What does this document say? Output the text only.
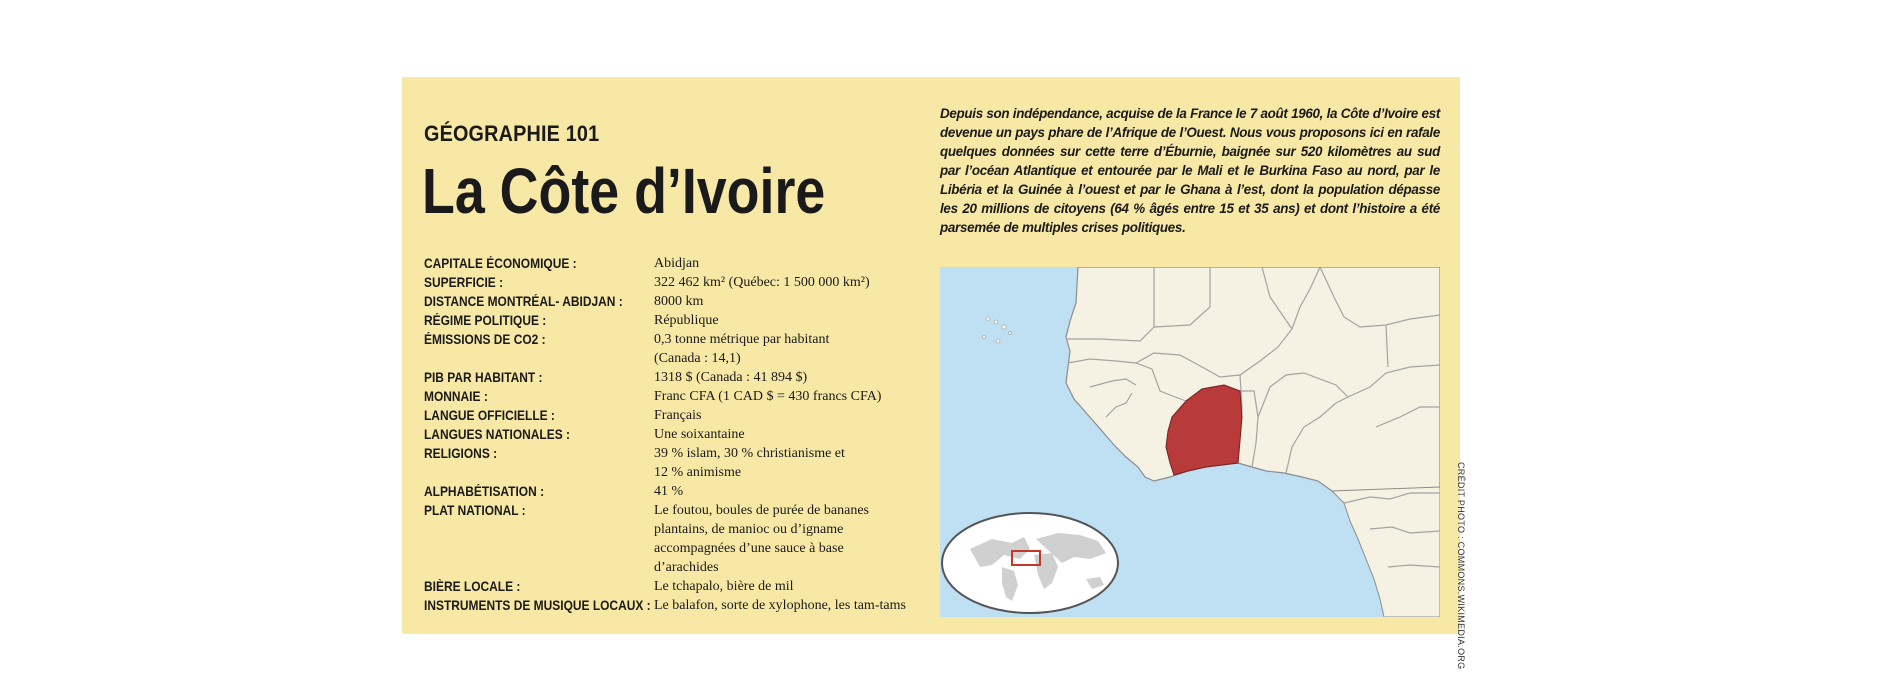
GÉOGRAPHIE 101
La Côte d’Ivoire
CAPITALE ÉCONOMIQUE :	Abidjan
SUPERFICIE :	322 462 km² (Québec: 1 500 000 km²)
DISTANCE MONTRÉAL- ABIDJAN : 8000 km
RÉGIME POLITIQUE :	République
ÉMISSIONS DE CO2 :	0,3 tonne métrique par habitant
(Canada : 14,1)
PIB PAR HABITANT :	1318 $ (Canada : 41 894 $)
MONNAIE :	Franc CFA (1 CAD $ = 430 francs CFA)
LANGUE OFFICIELLE :	Français
LANGUES NATIONALES :	Une soixantaine
RELIGIONS :	39 % islam, 30 % christianisme et
12 % animisme
ALPHABÉTISATION :	41 %
PLAT NATIONAL :	Le foutou, boules de purée de bananes
plantains, de manioc ou d’igname
accompagnées d’une sauce à base
d’arachides
BIÈRE LOCALE :	Le tchapalo, bière de mil
INSTRUMENTS DE MUSIQUE LOCAUX : Le balafon, sorte de xylophone, les tam-tams
Depuis son indépendance, acquise de la France le 7 août 1960, la Côte d’Ivoire est devenue un pays phare de l’Afrique de l’Ouest. Nous vous proposons ici en rafale quelques données sur cette terre d’Éburnie, baignée sur 520 kilomètres au sud par l’océan Atlantique et entourée par le Mali et le Burkina Faso au nord, par le Libéria et la Guinée à l’ouest et par le Ghana à l’est, dont la population dépasse les 20 millions de citoyens (64 % âgés entre 15 et 35 ans) et dont l’histoire a été parsemée de multiples crises politiques.
CRÉDIT PHOTO : COMMONS.WIKIMEDIA.ORG
